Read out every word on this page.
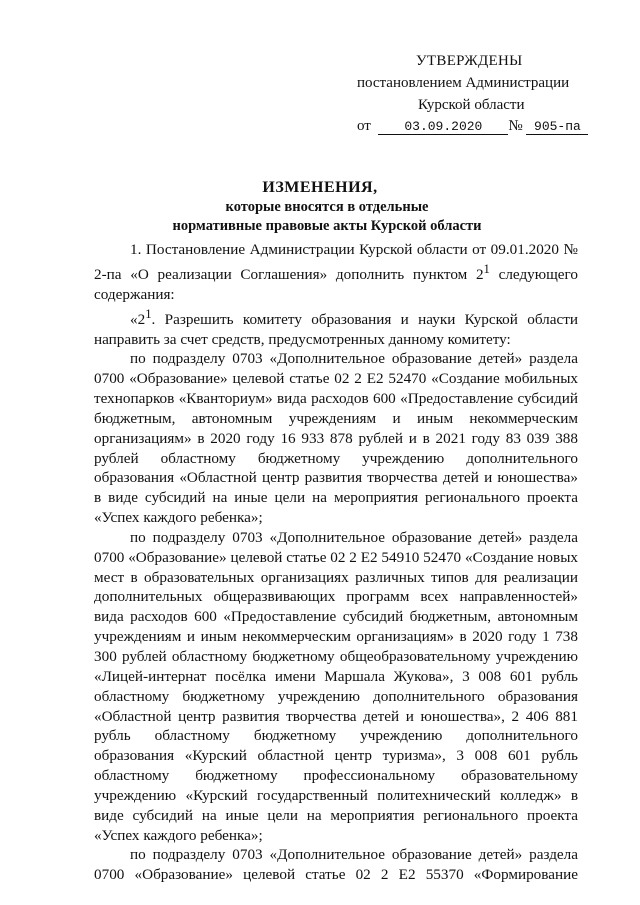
УТВЕРЖДЕНЫ
постановлением Администрации
Курской области
от	03.09.2020 № 905-па
ИЗМЕНЕНИЯ,
которые вносятся в отдельные
нормативные правовые акты Курской области

1. Постановление Администрации Курской области от 09.01.2020 № 2-па «О реализации Соглашения» дополнить пунктом $2^1$ следующего содержания:

«$2^1$. Разрешить комитету образования и науки Курской области направить за счет средств, предусмотренных данному комитету:

по подразделу 0703 «Дополнительное образование детей» раздела 0700 «Образование» целевой статье 02 2 E2 52470 «Создание мобильных технопарков «Кванториум» вида расходов 600 «Предоставление субсидий бюджетным, автономным учреждениям и иным некоммерческим организациям» в 2020 году 16 933 878 рублей и в 2021 году 83 039 388 рублей областному бюджетному учреждению дополнительного образования «Областной центр развития творчества детей и юношества» в виде субсидий на иные цели на мероприятия регионального проекта «Успех каждого ребенка»;

по подразделу 0703 «Дополнительное образование детей» раздела 0700 «Образование» целевой статье 02 2 E2 54910 52470 «Создание новых мест в образовательных организациях различных типов для реализации дополнительных общеразвивающих программ всех направленностей» вида расходов 600 «Предоставление субсидий бюджетным, автономным учреждениям и иным некоммерческим организациям» в 2020 году 1 738 300 рублей областному бюджетному общеобразовательному учреждению «Лицей-интернат посёлка имени Маршала Жукова», 3 008 601 рубль областному бюджетному учреждению дополнительного образования «Областной центр развития творчества детей и юношества», 2 406 881 рубль областному бюджетному учреждению дополнительного образования «Курский областной центр туризма», 3 008 601 рубль областному бюджетному профессиональному образовательному учреждению «Курский государственный политехнический колледж» в виде субсидий на иные цели на мероприятия регионального проекта «Успех каждого ребенка»;

по подразделу 0703 «Дополнительное образование детей» раздела 0700 «Образование» целевой статье 02 2 E2 55370 «Формирование
